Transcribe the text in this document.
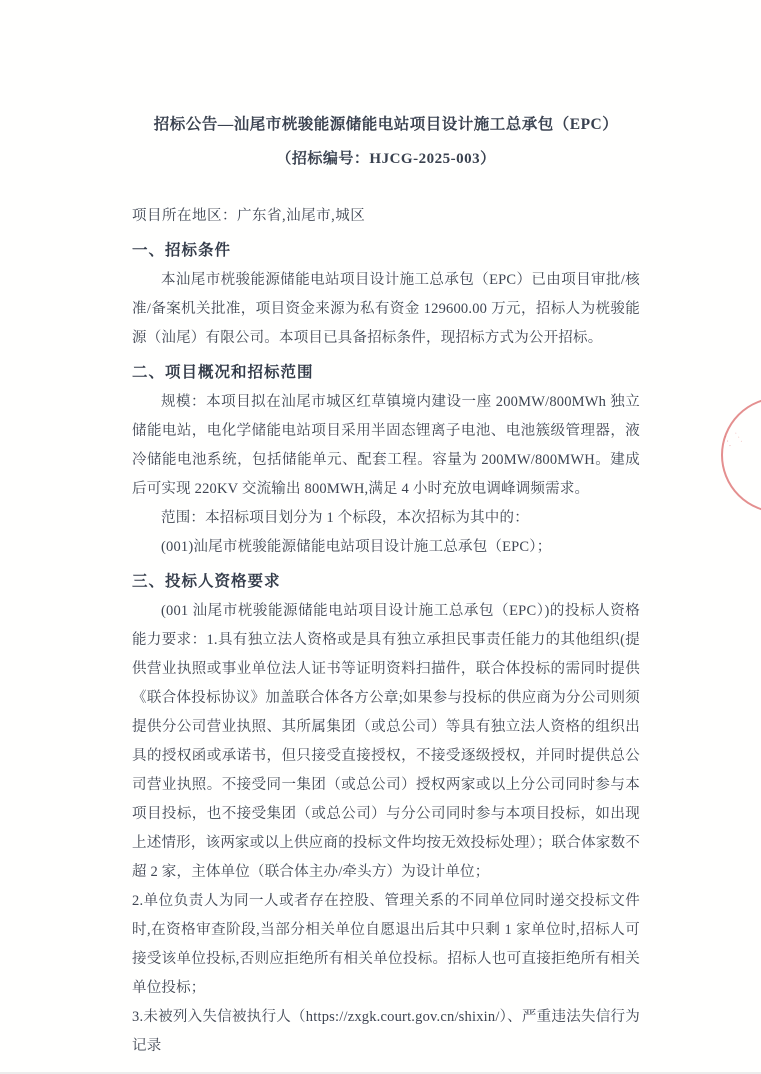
招标公告—汕尾市桄骏能源储能电站项目设计施工总承包（EPC）
（招标编号：HJCG-2025-003）
项目所在地区：广东省,汕尾市,城区
一、招标条件

本汕尾市桄骏能源储能电站项目设计施工总承包（EPC）已由项目审批/核准/备案机关批准，项目资金来源为私有资金 129600.00 万元，招标人为桄骏能源（汕尾）有限公司。本项目已具备招标条件，现招标方式为公开招标。

二、项目概况和招标范围

规模：本项目拟在汕尾市城区红草镇境内建设一座 200MW/800MWh 独立储能电站，电化学储能电站项目采用半固态锂离子电池、电池簇级管理器，液冷储能电池系统，包括储能单元、配套工程。容量为 200MW/800MWH。建成后可实现 220KV 交流输出 800MWH,满足 4 小时充放电调峰调频需求。

范围：本招标项目划分为 1 个标段，本次招标为其中的：

(001)汕尾市桄骏能源储能电站项目设计施工总承包（EPC）；

三、投标人资格要求

(001 汕尾市桄骏能源储能电站项目设计施工总承包（EPC）)的投标人资格能力要求：1.具有独立法人资格或是具有独立承担民事责任能力的其他组织(提供营业执照或事业单位法人证书等证明资料扫描件，联合体投标的需同时提供《联合体投标协议》加盖联合体各方公章;如果参与投标的供应商为分公司则须提供分公司营业执照、其所属集团（或总公司）等具有独立法人资格的组织出具的授权函或承诺书，但只接受直接授权，不接受逐级授权，并同时提供总公司营业执照。不接受同一集团（或总公司）授权两家或以上分公司同时参与本项目投标，也不接受集团（或总公司）与分公司同时参与本项目投标，如出现上述情形，该两家或以上供应商的投标文件均按无效投标处理）；联合体家数不超 2 家，主体单位（联合体主办/牵头方）为设计单位；

2.单位负责人为同一人或者存在控股、管理关系的不同单位同时递交投标文件时,在资格审查阶段,当部分相关单位自愿退出后其中只剩 1 家单位时,招标人可接受该单位投标,否则应拒绝所有相关单位投标。招标人也可直接拒绝所有相关单位投标；

3.未被列入失信被执行人（https://zxgk.court.gov.cn/shixin/）、严重违法失信行为记录

···
···
